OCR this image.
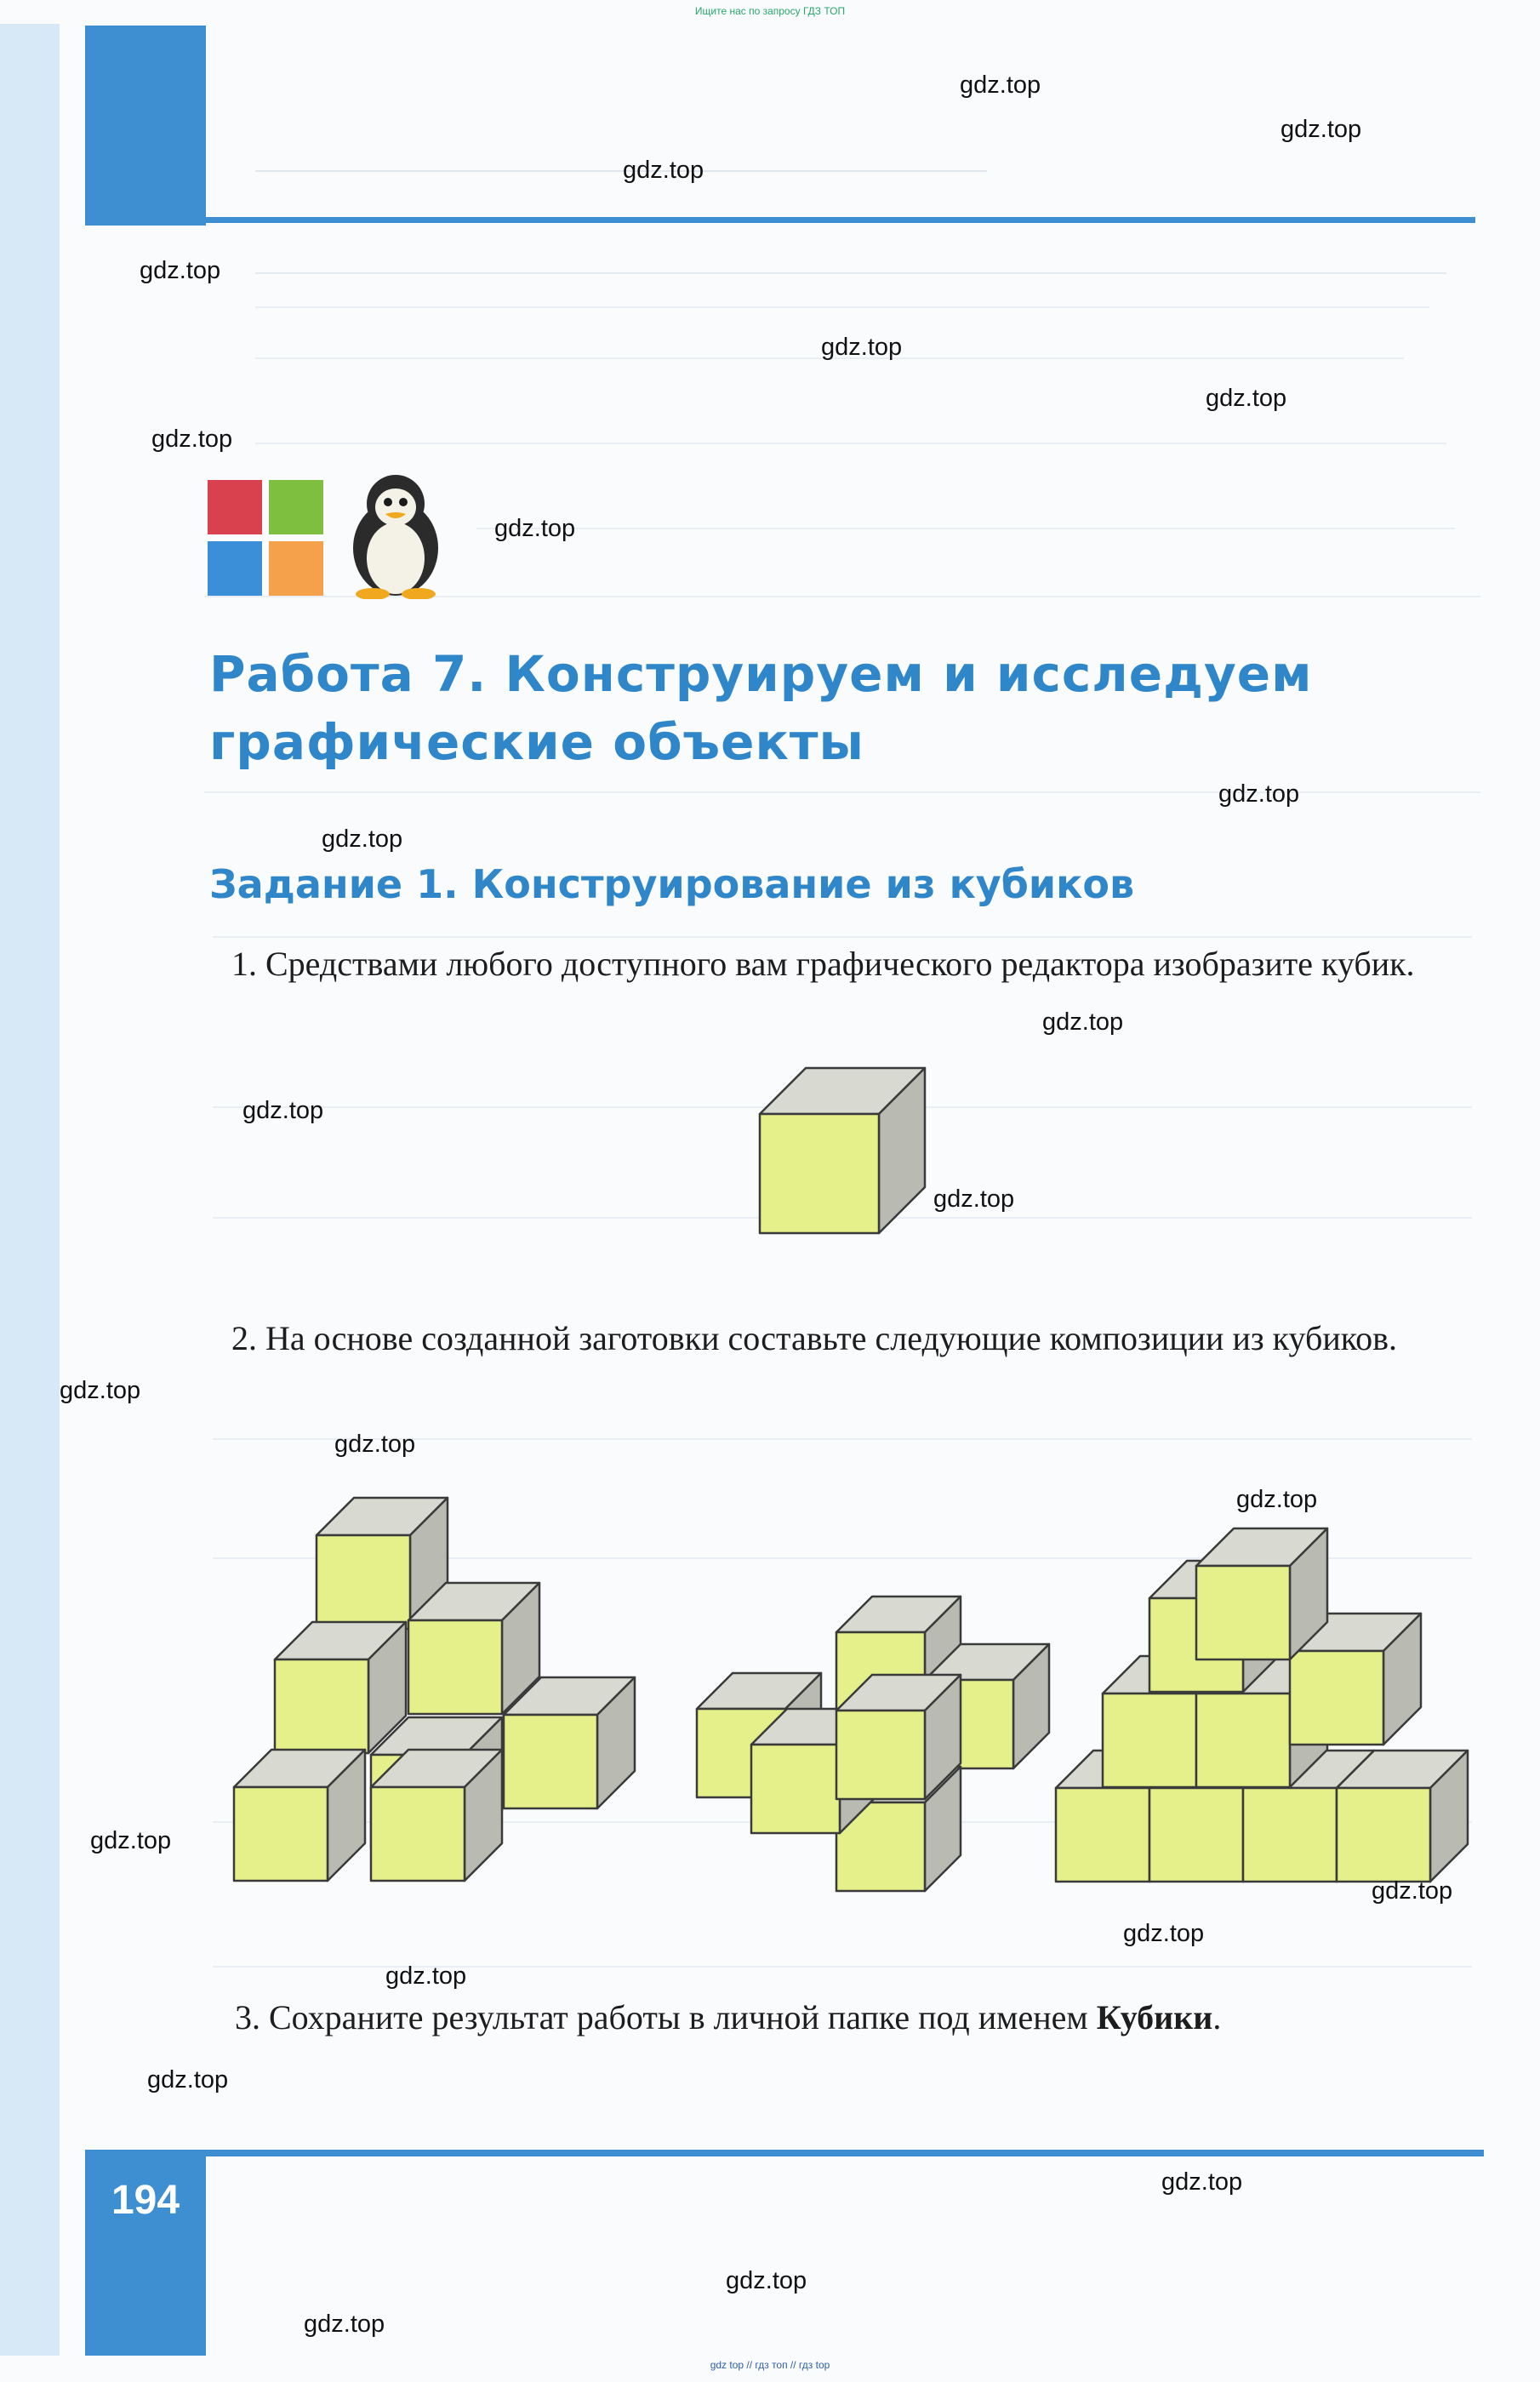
Ищите нас по запросу ГДЗ ТОП
Работа 7. Конструируем и исследуем
графические объекты
Задание 1. Конструирование из кубиков
1. Средствами любого доступного вам графического редактора изобразите кубик.
2. На основе созданной заготовки составьте следующие композиции из кубиков.
3. Сохраните результат работы в личной папке под именем Кубики.
194
gdz.top
gdz.top
gdz.top
gdz.top
gdz.top
gdz.top
gdz.top
gdz.top
gdz.top
gdz.top
gdz.top
gdz.top
gdz.top
gdz.top
gdz.top
gdz.top
gdz.top
gdz.top
gdz.top
gdz.top
gdz.top
gdz.top
gdz.top
gdz.top
gdz top // гдз топ // гдз top
